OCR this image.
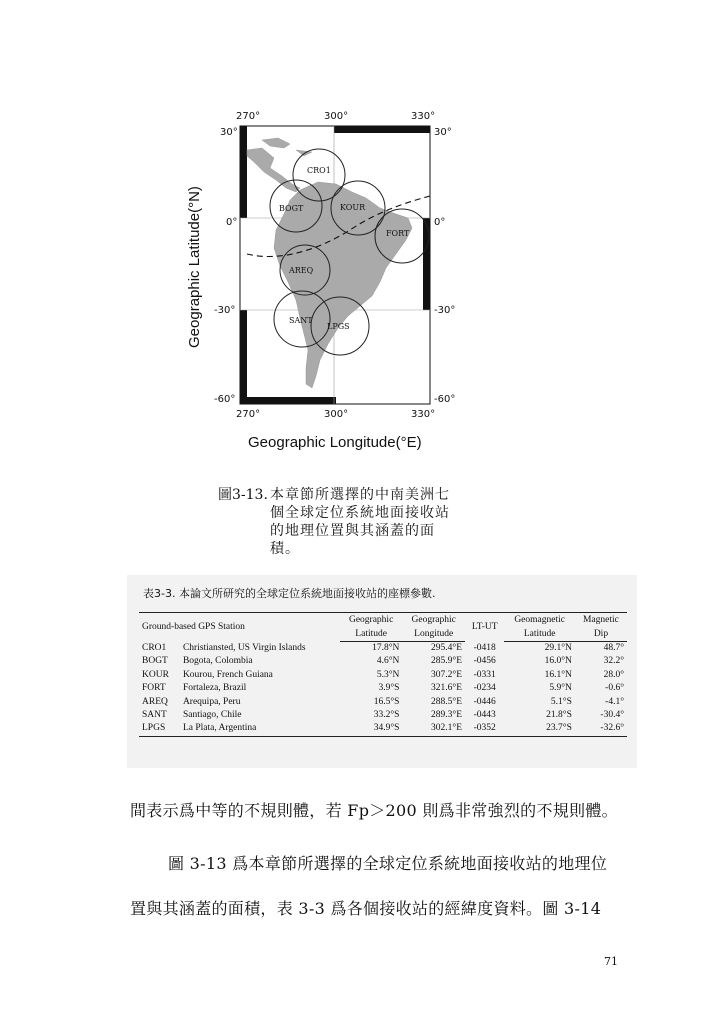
Geographic Latitude(°N)
270°	300°	330°
270°	300°	330°
30°
0°
-30°
-60°
30°
0°
-30°
-60°
CRO1
BOGT	KOUR
FORT
AREQ
SANT
LPGS
Geographic Longitude(°E)
圖3-13. 本章節所選擇的中南美洲七個全球定位系統地面接收站的地理位置與其涵蓋的面積。
表3-3. 本論文所研究的全球定位系統地面接收站的座標參數.
Ground-based GPS Station		Geographic	Geographic	LT-UT	Geomagnetic	Magnetic
		Latitude	Longitude		Latitude	Dip
CRO1	Christiansted, US Virgin Islands	17.8°N	295.4°E	-0418	29.1°N	48.7°
BOGT	Bogota, Colombia	4.6°N	285.9°E	-0456	16.0°N	32.2°
KOUR	Kourou, French Guiana	5.3°N	307.2°E	-0331	16.1°N	28.0°
FORT	Fortaleza, Brazil	3.9°S	321.6°E	-0234	5.9°N	-0.6°
AREQ	Arequipa, Peru	16.5°S	288.5°E	-0446	5.1°S	-4.1°
SANT	Santiago, Chile	33.2°S	289.3°E	-0443	21.8°S	-30.4°
LPGS	La Plata, Argentina	34.9°S	302.1°E	-0352	23.7°S	-32.6°
間表示爲中等的不規則體，若 Fp＞200 則爲非常強烈的不規則體。
圖 3-13 爲本章節所選擇的全球定位系統地面接收站的地理位
置與其涵蓋的面積，表 3-3 爲各個接收站的經緯度資料。圖 3-14
71
